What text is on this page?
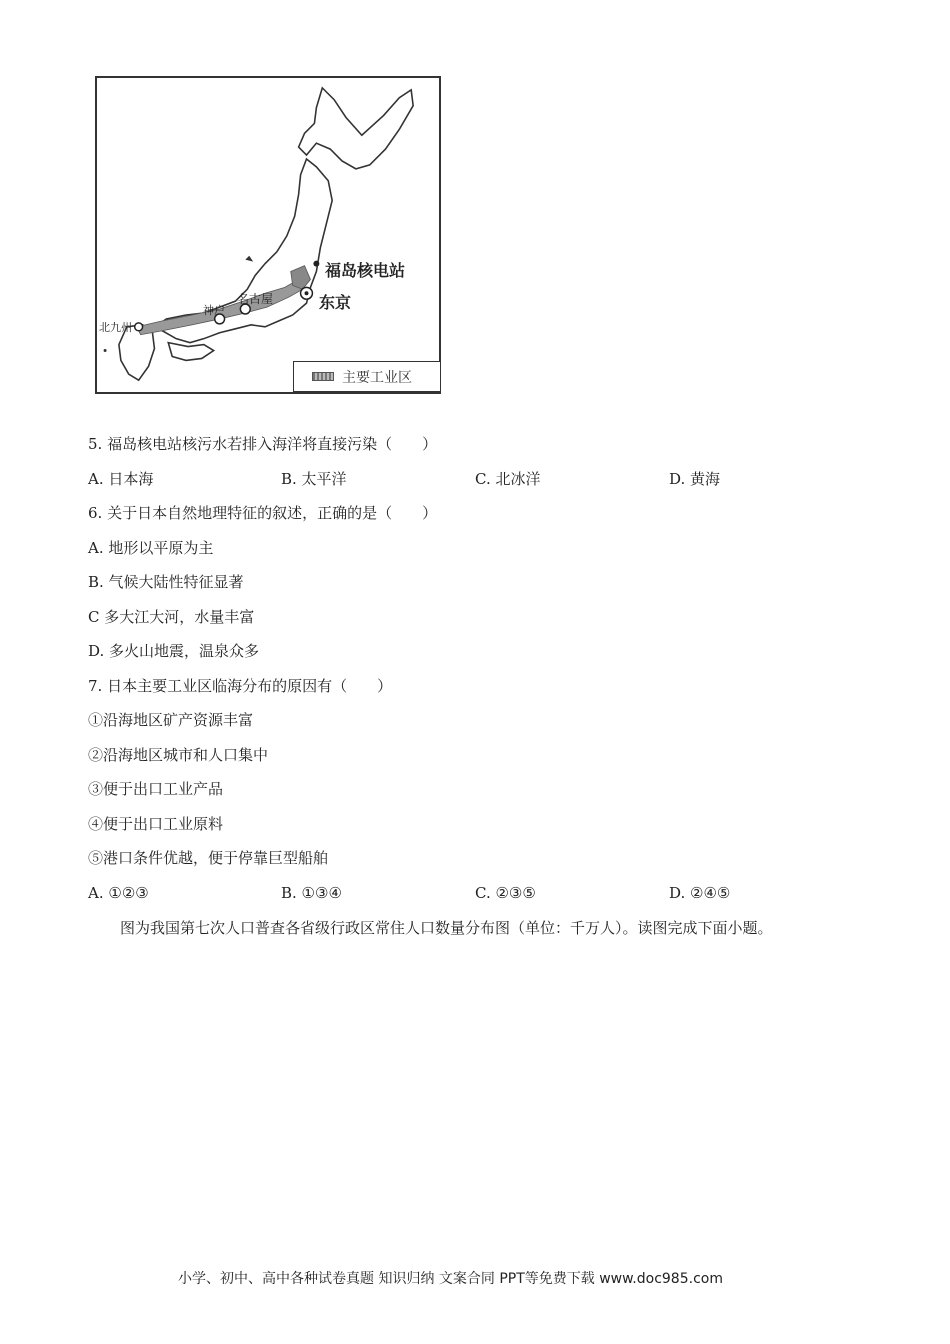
福岛核电站
东京
名古屋
神户
北九州
主要工业区
5. 福岛核电站核污水若排入海洋将直接污染（　　）
A. 日本海	B. 太平洋	C. 北冰洋	D. 黄海
6. 关于日本自然地理特征的叙述，正确的是（　　）
A. 地形以平原为主
B. 气候大陆性特征显著
C 多大江大河，水量丰富
D. 多火山地震，温泉众多
7. 日本主要工业区临海分布的原因有（　　）
①沿海地区矿产资源丰富
②沿海地区城市和人口集中
③便于出口工业产品
④便于出口工业原料
⑤港口条件优越，便于停靠巨型船舶
A. ①②③	B. ①③④	C. ②③⑤	D. ②④⑤
图为我国第七次人口普查各省级行政区常住人口数量分布图（单位：千万人）。读图完成下面小题。
小学、初中、高中各种试卷真题 知识归纳 文案合同 PPT等免费下载 www.doc985.com
